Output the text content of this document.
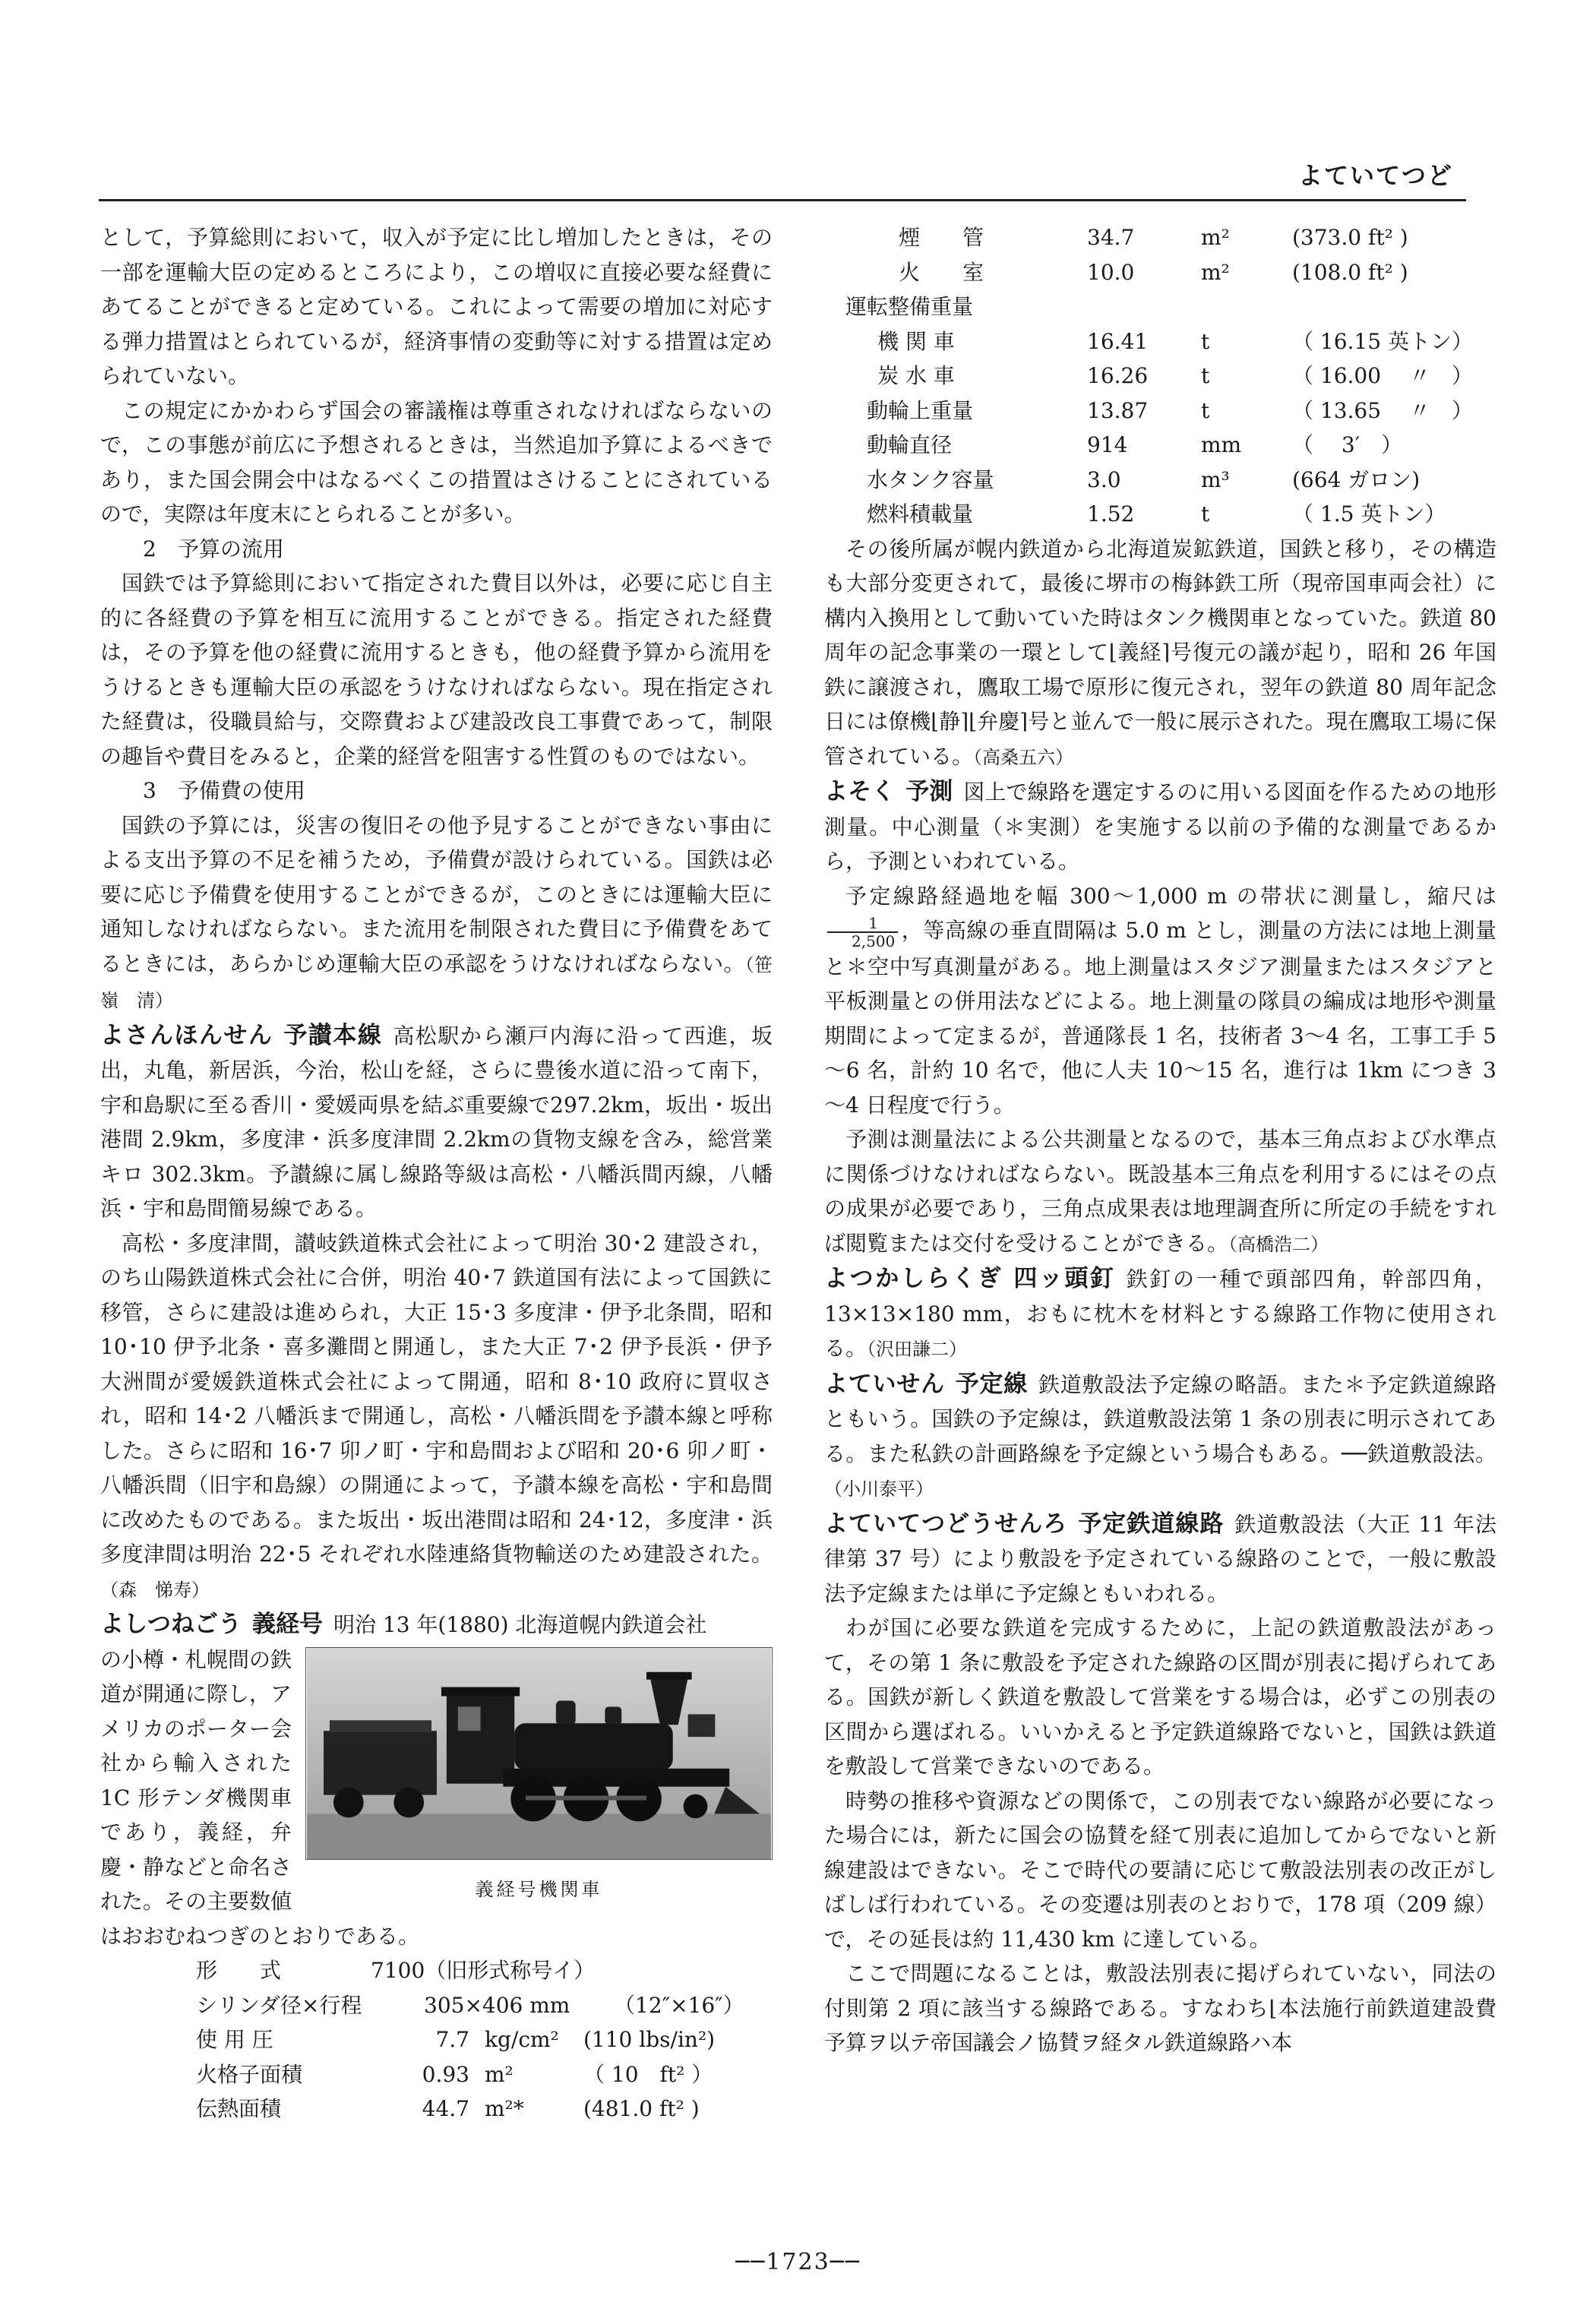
よていてつど

として，予算総則において，収入が予定に比し増加したときは，その一部を運輸大臣の定めるところにより，この増収に直接必要な経費にあてることができると定めている。これによって需要の増加に対応する弾力措置はとられているが，経済事情の変動等に対する措置は定められていない。

この規定にかかわらず国会の審議権は尊重されなければならないので，この事態が前広に予想されるときは，当然追加予算によるべきであり，また国会開会中はなるべくこの措置はさけることにされているので，実際は年度末にとられることが多い。

2　予算の流用

国鉄では予算総則において指定された費目以外は，必要に応じ自主的に各経費の予算を相互に流用することができる。指定された経費は，その予算を他の経費に流用するときも，他の経費予算から流用をうけるときも運輸大臣の承認をうけなければならない。現在指定された経費は，役職員給与，交際費および建設改良工事費であって，制限の趣旨や費目をみると，企業的経営を阻害する性質のものではない。

3　予備費の使用

国鉄の予算には，災害の復旧その他予見することができない事由による支出予算の不足を補うため，予備費が設けられている。国鉄は必要に応じ予備費を使用することができるが，このときには運輸大臣に通知しなければならない。また流用を制限された費目に予備費をあてるときには，あらかじめ運輸大臣の承認をうけなければならない。（笹嶺　清）

よさんほんせん 予讃本線 高松駅から瀬戸内海に沿って西進，坂出，丸亀，新居浜，今治，松山を経，さらに豊後水道に沿って南下，宇和島駅に至る香川・愛媛両県を結ぶ重要線で297.2km，坂出・坂出港間 2.9km，多度津・浜多度津間 2.2kmの貨物支線を含み，総営業キロ 302.3km。予讃線に属し線路等級は高松・八幡浜間丙線，八幡浜・宇和島間簡易線である。

高松・多度津間，讃岐鉄道株式会社によって明治 30･2 建設され，のち山陽鉄道株式会社に合併，明治 40･7 鉄道国有法によって国鉄に移管，さらに建設は進められ，大正 15･3 多度津・伊予北条間，昭和 10･10 伊予北条・喜多灘間と開通し，また大正 7･2 伊予長浜・伊予大洲間が愛媛鉄道株式会社によって開通，昭和 8･10 政府に買収され，昭和 14･2 八幡浜まで開通し，高松・八幡浜間を予讃本線と呼称した。さらに昭和 16･7 卯ノ町・宇和島間および昭和 20･6 卯ノ町・八幡浜間（旧宇和島線）の開通によって，予讃本線を高松・宇和島間に改めたものである。また坂出・坂出港間は昭和 24･12，多度津・浜多度津間は明治 22･5 それぞれ水陸連絡貨物輸送のため建設された。（森　悌寿）

よしつねごう 義経号 明治 13 年(1880) 北海道幌内鉄道会社

義経号機関車

の小樽・札幌間の鉄道が開通に際し，アメリカのポーター会社から輸入された 1C 形テンダ機関車であり，義経，弁慶・静などと命名された。その主要数値はおおむねつぎのとおりである。

形　　式	7100（旧形式称号イ）
シリンダ径×行程	305×406 mm	（12″×16″）
使 用 圧	7.7 kg/cm²	(110 lbs/in²)
火格子面積	0.93 m²	（ 10　ft² ）
伝熱面積	44.7 m²*	(481.0 ft² )
煙　　管	34.7	m²	(373.0 ft² )
火　　室	10.0	m²	(108.0 ft² )

運転整備重量

機 関 車	16.41	t	（ 16.15 英トン）
炭 水 車	16.26	t	（ 16.00　 〃　）
動輪上重量	13.87	t	（ 13.65　 〃　）
動輪直径	914	mm	（　 3′　）
水タンク容量	3.0	m³	(664 ガロン)
燃料積載量	1.52	t	（ 1.5 英トン）

その後所属が幌内鉄道から北海道炭鉱鉄道，国鉄と移り，その構造も大部分変更されて，最後に堺市の梅鉢鉄工所（現帝国車両会社）に構内入換用として動いていた時はタンク機関車となっていた。鉄道 80 周年の記念事業の一環として⌊義経⌉号復元の議が起り，昭和 26 年国鉄に譲渡され，鷹取工場で原形に復元され，翌年の鉄道 80 周年記念日には僚機⌊静⌉⌊弁慶⌉号と並んで一般に展示された。現在鷹取工場に保管されている。（高桑五六）

よそく 予測 図上で線路を選定するのに用いる図面を作るための地形測量。中心測量（＊実測）を実施する以前の予備的な測量であるから，予測といわれている。

予定線路経過地を幅 300～1,000 m の帯状に測量し，縮尺は
$\frac{1}{2,500}$ ，等高線の垂直間隔は 5.0 m とし，測量の方法には地上測量と＊空中写真測量がある。地上測量はスタジア測量またはスタジアと平板測量との併用法などによる。地上測量の隊員の編成は地形や測量期間によって定まるが，普通隊長 1 名，技術者 3～4 名，工事工手 5～6 名，計約 10 名で，他に人夫 10～15 名，進行は 1km につき 3～4 日程度で行う。

予測は測量法による公共測量となるので，基本三角点および水準点に関係づけなければならない。既設基本三角点を利用するにはその点の成果が必要であり，三角点成果表は地理調査所に所定の手続をすれば閲覧または交付を受けることができる。（高橋浩二）

よつかしらくぎ 四ッ頭釘 鉄釘の一種で頭部四角，幹部四角，13×13×180 mm，おもに枕木を材料とする線路工作物に使用される。（沢田謙二）

よていせん 予定線 鉄道敷設法予定線の略語。また＊予定鉄道線路ともいう。国鉄の予定線は，鉄道敷設法第 1 条の別表に明示されてある。また私鉄の計画路線を予定線という場合もある。──鉄道敷設法。（小川泰平）

よていてつどうせんろ 予定鉄道線路 鉄道敷設法（大正 11 年法律第 37 号）により敷設を予定されている線路のことで，一般に敷設法予定線または単に予定線ともいわれる。

わが国に必要な鉄道を完成するために，上記の鉄道敷設法があって，その第 1 条に敷設を予定された線路の区間が別表に掲げられてある。国鉄が新しく鉄道を敷設して営業をする場合は，必ずこの別表の区間から選ばれる。いいかえると予定鉄道線路でないと，国鉄は鉄道を敷設して営業できないのである。

時勢の推移や資源などの関係で，この別表でない線路が必要になった場合には，新たに国会の協賛を経て別表に追加してからでないと新線建設はできない。そこで時代の要請に応じて敷設法別表の改正がしばしば行われている。その変遷は別表のとおりで，178 項（209 線）で，その延長は約 11,430 km に達している。

ここで問題になることは，敷設法別表に掲げられていない，同法の付則第 2 項に該当する線路である。すなわち⌊本法施行前鉄道建設費予算ヲ以テ帝国議会ノ協賛ヲ経タル鉄道線路ハ本

──1723──
